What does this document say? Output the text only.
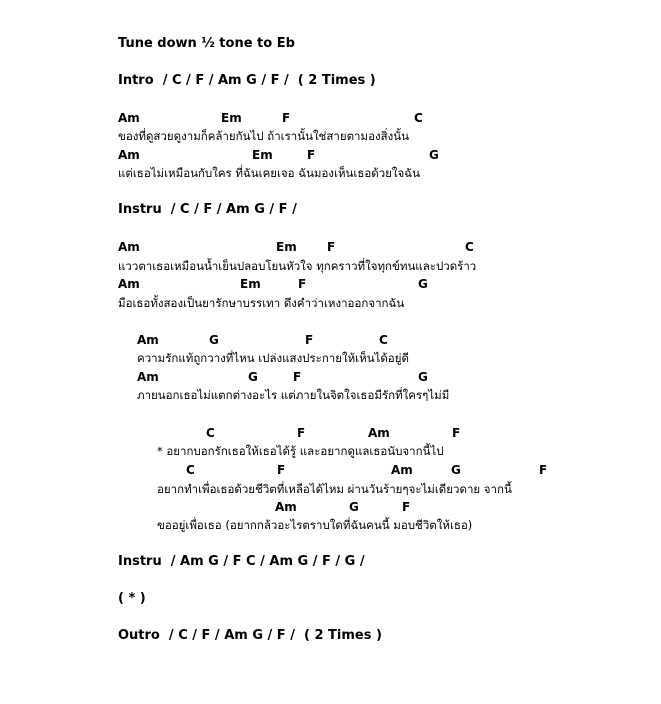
Tune down ½ tone to Eb
Intro  / C / F / Am G / F /  ( 2 Times )
Am	Em	F	C
ของที่ดูสวยดูงามก็คล้ายกันไป ถ้าเรานั้นใช่สายตามองสิ่งนั้น
Am	Em	F	G
แต่เธอไม่เหมือนกับใคร ที่ฉันเคยเจอ ฉันมองเห็นเธอด้วยใจฉัน
Instru  / C / F / Am G / F /
Am	Em	F	C
แววตาเธอเหมือนน้ำเย็นปลอบโยนหัวใจ ทุกคราวที่ใจทุกข์ทนและปวดร้าว
Am	Em	F	G
มือเธอทั้งสองเป็นยารักษาบรรเทา ดึงคำว่าเหงาออกจากฉัน
Am	G	F	C
ความรักแท้ถูกวางที่ไหน เปล่งแสงประกายให้เห็นได้อยู่ดี
Am	G	F	G
ภายนอกเธอไม่แตกต่างอะไร แต่ภายในจิตใจเธอมีรักที่ใครๆไม่มี
C	F	Am	F
* อยากบอกรักเธอให้เธอได้รู้ และอยากดูแลเธอนับจากนี้ไป
C	F	Am	G	F
อยากทำเพื่อเธอด้วยชีวิตที่เหลือได้ไหม ผ่านวันร้ายๆจะไม่เดียวดาย จากนี้
Am	G	F
ขออยู่เพื่อเธอ (อยากกล้วอะไรตราบใดที่ฉันคนนี้ มอบชีวิตให้เธอ)
Instru  / Am G / F C / Am G / F / G /
( * )
Outro  / C / F / Am G / F /  ( 2 Times )
